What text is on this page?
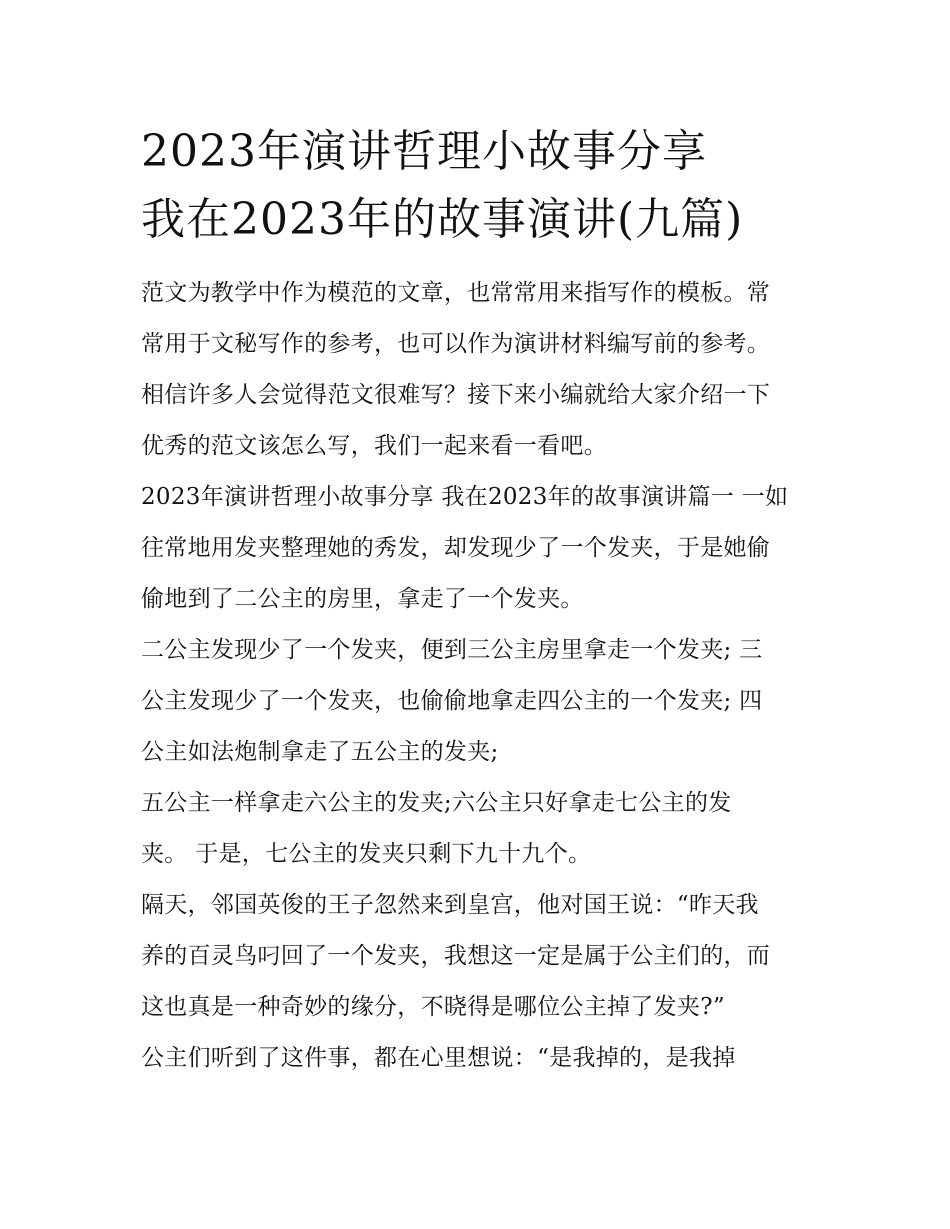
2023年演讲哲理小故事分享
我在2023年的故事演讲(九篇)

范文为教学中作为模范的文章，也常常用来指写作的模板。常
常用于文秘写作的参考，也可以作为演讲材料编写前的参考。
相信许多人会觉得范文很难写？接下来小编就给大家介绍一下
优秀的范文该怎么写，我们一起来看一看吧。

2023年演讲哲理小故事分享 我在2023年的故事演讲篇一 一如
往常地用发夹整理她的秀发，却发现少了一个发夹，于是她偷
偷地到了二公主的房里，拿走了一个发夹。

二公主发现少了一个发夹，便到三公主房里拿走一个发夹; 三
公主发现少了一个发夹，也偷偷地拿走四公主的一个发夹; 四
公主如法炮制拿走了五公主的发夹;

五公主一样拿走六公主的发夹;六公主只好拿走七公主的发
夹。 于是，七公主的发夹只剩下九十九个。

隔天，邻国英俊的王子忽然来到皇宫，他对国王说：“昨天我
养的百灵鸟叼回了一个发夹，我想这一定是属于公主们的，而
这也真是一种奇妙的缘分，不晓得是哪位公主掉了发夹?”

公主们听到了这件事，都在心里想说：“是我掉的，是我掉
